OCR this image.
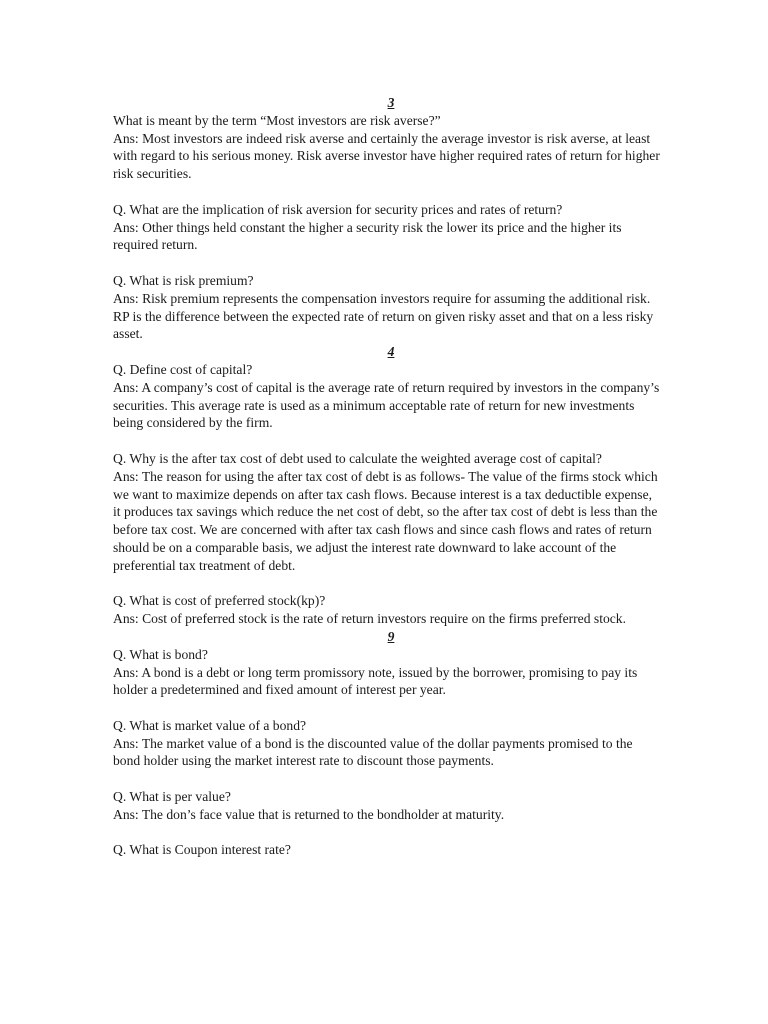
3

What is meant by the term “Most investors are risk averse?”

Ans: Most investors are indeed risk averse and certainly the average investor is risk averse, at least with regard to his serious money. Risk averse investor have higher required rates of return for higher risk securities.

Q. What are the implication of risk aversion for security prices and rates of return?

Ans: Other things held constant the higher a security risk the lower its price and the higher its required return.

Q. What is risk premium?

Ans: Risk premium represents the compensation investors require for assuming the additional risk. RP is the difference between the expected rate of return on given risky asset and that on a less risky asset.

4

Q. Define cost of capital?

Ans: A company’s cost of capital is the average rate of return required by investors in the company’s securities. This average rate is used as a minimum acceptable rate of return for new investments being considered by the firm.

Q. Why is the after tax cost of debt used to calculate the weighted average cost of capital?

Ans: The reason for using the after tax cost of debt is as follows- The value of the firms stock which we want to maximize depends on after tax cash flows. Because interest is a tax deductible expense, it produces tax savings which reduce the net cost of debt, so the after tax cost of debt is less than the before tax cost. We are concerned with after tax cash flows and since cash flows and rates of return should be on a comparable basis, we adjust the interest rate downward to lake account of the preferential tax treatment of debt.

Q. What is cost of preferred stock(kp)?

Ans: Cost of preferred stock is the rate of return investors require on the firms preferred stock.

9

Q. What is bond?

Ans: A bond is a debt or long term promissory note, issued by the borrower, promising to pay its holder a predetermined and fixed amount of interest per year.

Q. What is market value of a bond?

Ans: The market value of a bond is the discounted value of the dollar payments promised to the bond holder using the market interest rate to discount those payments.

Q. What is per value?

Ans: The don’s face value that is returned to the bondholder at maturity.

Q. What is Coupon interest rate?
